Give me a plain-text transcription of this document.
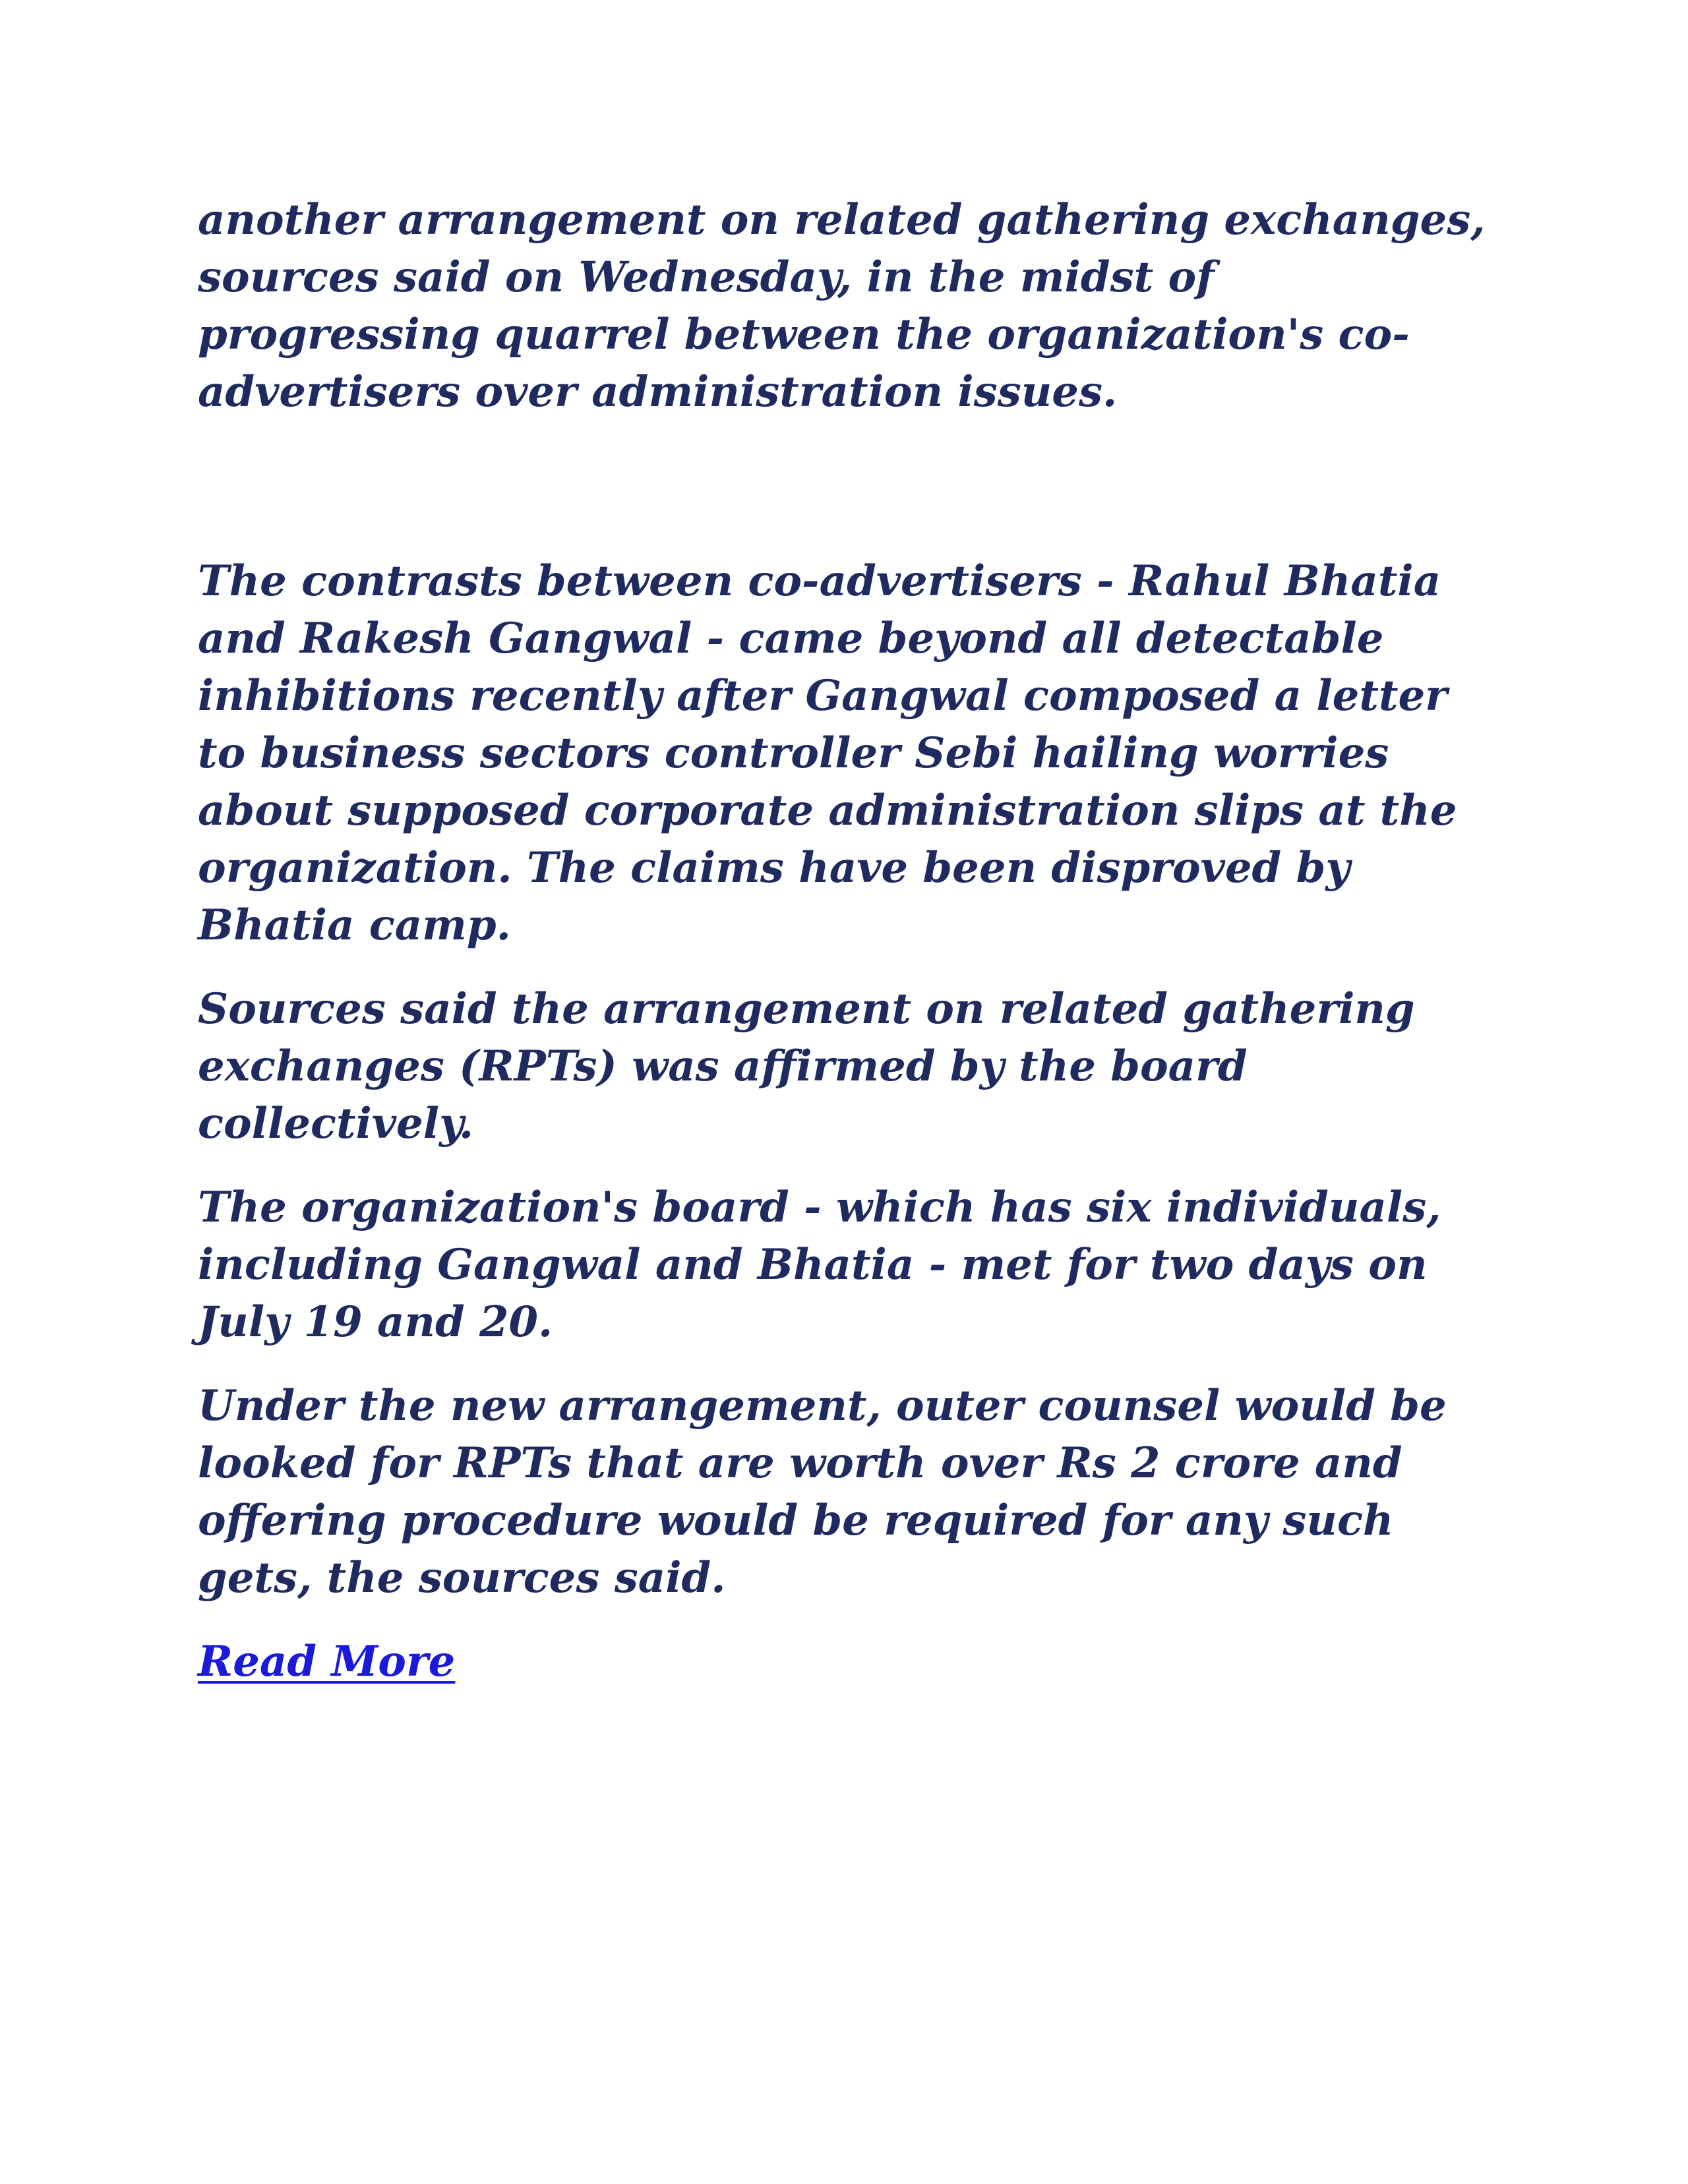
another arrangement on related gathering exchanges, sources said on Wednesday, in the midst of progressing quarrel between the organization's co-advertisers over administration issues.

The contrasts between co-advertisers - Rahul Bhatia and Rakesh Gangwal - came beyond all detectable inhibitions recently after Gangwal composed a letter to business sectors controller Sebi hailing worries about supposed corporate administration slips at the organization. The claims have been disproved by Bhatia camp.

Sources said the arrangement on related gathering exchanges (RPTs) was affirmed by the board collectively.

The organization's board - which has six individuals, including Gangwal and Bhatia - met for two days on July 19 and 20.

Under the new arrangement, outer counsel would be looked for RPTs that are worth over Rs 2 crore and offering procedure would be required for any such gets, the sources said.

Read More
